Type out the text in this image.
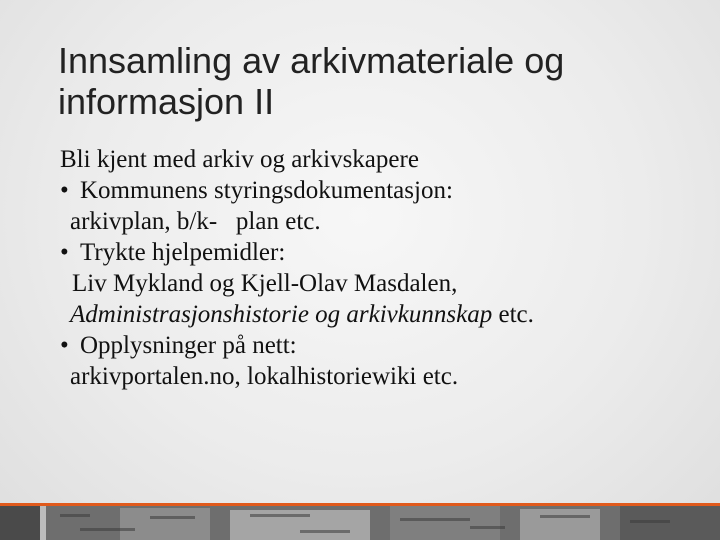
Innsamling av arkivmateriale og informasjon II
Bli kjent med arkiv og arkivskapere
• Kommunens styringsdokumentasjon:
arkivplan, b/k-   plan etc.
• Trykte hjelpemidler:
Liv Mykland og Kjell-Olav Masdalen,
Administrasjonshistorie og arkivkunnskap etc.
• Opplysninger på nett:
arkivportalen.no, lokalhistoriewiki etc.
